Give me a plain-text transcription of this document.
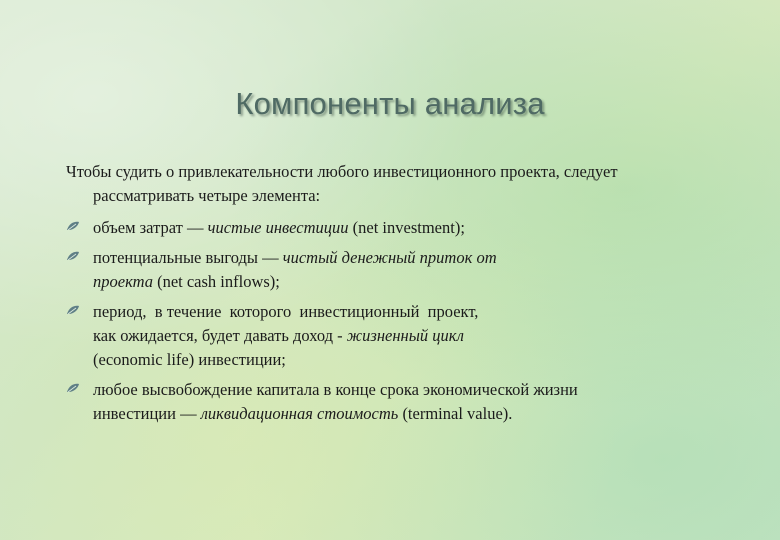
Компоненты анализа

Чтобы судить о привлекательности любого инвестиционного проекта, следует рассматривать четыре элемента:

объем затрат — чистые инвестиции (net investment);
потенциальные выгоды — чистый денежный приток от
проекта (net cash inflows);
период,  в течение  которого  инвестиционный  проект,
как ожидается, будет давать доход - жизненный цикл
(economic life) инвестиции;
любое высвобождение капитала в конце срока экономической жизни
инвестиции — ликвидационная стоимость (terminal value).
